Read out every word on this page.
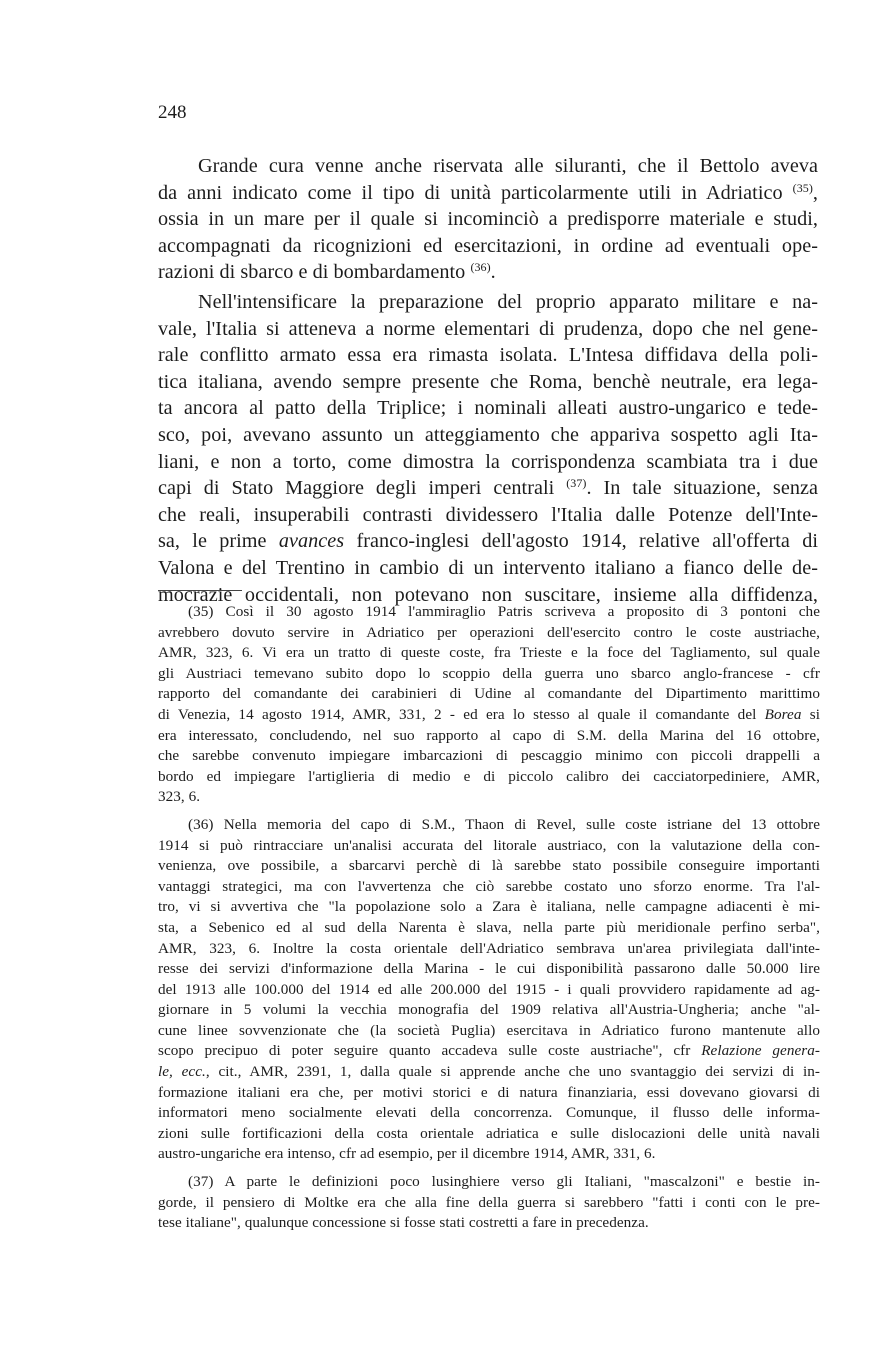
248
Grande cura venne anche riservata alle siluranti, che il Bettolo aveva
da anni indicato come il tipo di unità particolarmente utili in Adriatico $^{(35)}$,
ossia in un mare per il quale si incominciò a predisporre materiale e studi,
accompagnati da ricognizioni ed esercitazioni, in ordine ad eventuali ope-
razioni di sbarco e di bombardamento $^{(36)}$.
Nell'intensificare la preparazione del proprio apparato militare e na-
vale, l'Italia si atteneva a norme elementari di prudenza, dopo che nel gene-
rale conflitto armato essa era rimasta isolata. L'Intesa diffidava della poli-
tica italiana, avendo sempre presente che Roma, benchè neutrale, era lega-
ta ancora al patto della Triplice; i nominali alleati austro-ungarico e tede-
sco, poi, avevano assunto un atteggiamento che appariva sospetto agli Ita-
liani, e non a torto, come dimostra la corrispondenza scambiata tra i due
capi di Stato Maggiore degli imperi centrali $^{(37)}$. In tale situazione, senza
che reali, insuperabili contrasti dividessero l'Italia dalle Potenze dell'Inte-
sa, le prime avances franco-inglesi dell'agosto 1914, relative all'offerta di
Valona e del Trentino in cambio di un intervento italiano a fianco delle de-
mocrazie occidentali, non potevano non suscitare, insieme alla diffidenza,
(35) Così il 30 agosto 1914 l'ammiraglio Patris scriveva a proposito di 3 pontoni che
avrebbero dovuto servire in Adriatico per operazioni dell'esercito contro le coste austriache,
AMR, 323, 6. Vi era un tratto di queste coste, fra Trieste e la foce del Tagliamento, sul quale
gli Austriaci temevano subito dopo lo scoppio della guerra uno sbarco anglo-francese - cfr
rapporto del comandante dei carabinieri di Udine al comandante del Dipartimento marittimo
di Venezia, 14 agosto 1914, AMR, 331, 2 - ed era lo stesso al quale il comandante del Borea si
era interessato, concludendo, nel suo rapporto al capo di S.M. della Marina del 16 ottobre,
che sarebbe convenuto impiegare imbarcazioni di pescaggio minimo con piccoli drappelli a
bordo ed impiegare l'artiglieria di medio e di piccolo calibro dei cacciatorpediniere, AMR,
323, 6.
(36) Nella memoria del capo di S.M., Thaon di Revel, sulle coste istriane del 13 ottobre
1914 si può rintracciare un'analisi accurata del litorale austriaco, con la valutazione della con-
venienza, ove possibile, a sbarcarvi perchè di là sarebbe stato possibile conseguire importanti
vantaggi strategici, ma con l'avvertenza che ciò sarebbe costato uno sforzo enorme. Tra l'al-
tro, vi si avvertiva che "la popolazione solo a Zara è italiana, nelle campagne adiacenti è mi-
sta, a Sebenico ed al sud della Narenta è slava, nella parte più meridionale perfino serba",
AMR, 323, 6. Inoltre la costa orientale dell'Adriatico sembrava un'area privilegiata dall'inte-
resse dei servizi d'informazione della Marina - le cui disponibilità passarono dalle 50.000 lire
del 1913 alle 100.000 del 1914 ed alle 200.000 del 1915 - i quali provvidero rapidamente ad ag-
giornare in 5 volumi la vecchia monografia del 1909 relativa all'Austria-Ungheria; anche "al-
cune linee sovvenzionate che (la società Puglia) esercitava in Adriatico furono mantenute allo
scopo precipuo di poter seguire quanto accadeva sulle coste austriache", cfr Relazione genera-
le, ecc., cit., AMR, 2391, 1, dalla quale si apprende anche che uno svantaggio dei servizi di in-
formazione italiani era che, per motivi storici e di natura finanziaria, essi dovevano giovarsi di
informatori meno socialmente elevati della concorrenza. Comunque, il flusso delle informa-
zioni sulle fortificazioni della costa orientale adriatica e sulle dislocazioni delle unità navali
austro-ungariche era intenso, cfr ad esempio, per il dicembre 1914, AMR, 331, 6.
(37) A parte le definizioni poco lusinghiere verso gli Italiani, "mascalzoni" e bestie in-
gorde, il pensiero di Moltke era che alla fine della guerra si sarebbero "fatti i conti con le pre-
tese italiane", qualunque concessione si fosse stati costretti a fare in precedenza.
